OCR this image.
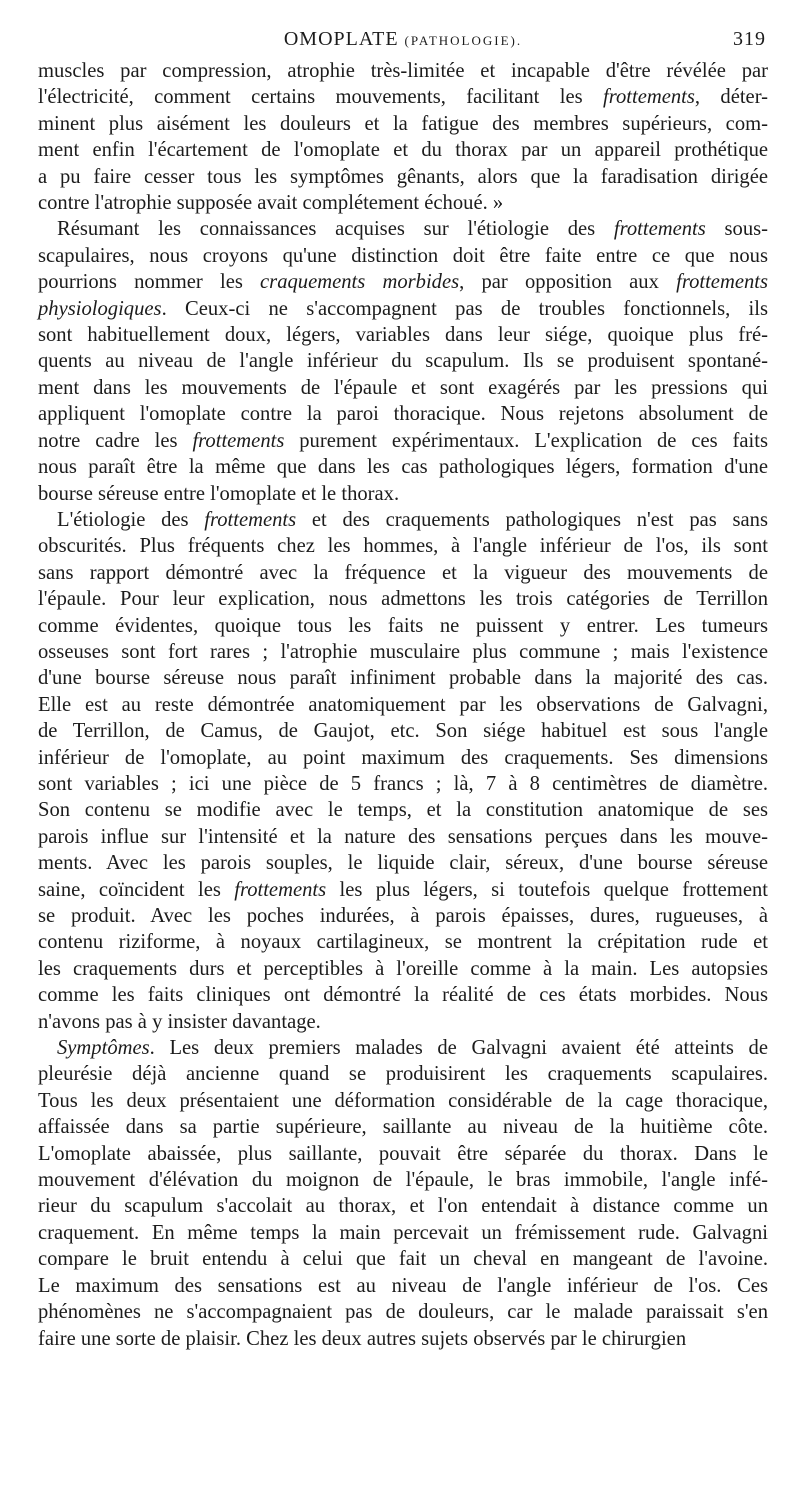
OMOPLATE (PATHOLOGIE).	319

muscles par compression, atrophie très-limitée et incapable d'être révélée par
l'électricité, comment certains mouvements, facilitant les frottements, déter-
minent plus aisément les douleurs et la fatigue des membres supérieurs, com-
ment enfin l'écartement de l'omoplate et du thorax par un appareil prothétique
a pu faire cesser tous les symptômes gênants, alors que la faradisation dirigée
contre l'atrophie supposée avait complétement échoué. »

Résumant les connaissances acquises sur l'étiologie des frottements sous-
scapulaires, nous croyons qu'une distinction doit être faite entre ce que nous
pourrions nommer les craquements morbides, par opposition aux frottements
physiologiques. Ceux-ci ne s'accompagnent pas de troubles fonctionnels, ils
sont habituellement doux, légers, variables dans leur siége, quoique plus fré-
quents au niveau de l'angle inférieur du scapulum. Ils se produisent spontané-
ment dans les mouvements de l'épaule et sont exagérés par les pressions qui
appliquent l'omoplate contre la paroi thoracique. Nous rejetons absolument de
notre cadre les frottements purement expérimentaux. L'explication de ces faits
nous paraît être la même que dans les cas pathologiques légers, formation d'une
bourse séreuse entre l'omoplate et le thorax.

L'étiologie des frottements et des craquements pathologiques n'est pas sans
obscurités. Plus fréquents chez les hommes, à l'angle inférieur de l'os, ils sont
sans rapport démontré avec la fréquence et la vigueur des mouvements de
l'épaule. Pour leur explication, nous admettons les trois catégories de Terrillon
comme évidentes, quoique tous les faits ne puissent y entrer. Les tumeurs
osseuses sont fort rares ; l'atrophie musculaire plus commune ; mais l'existence
d'une bourse séreuse nous paraît infiniment probable dans la majorité des cas.
Elle est au reste démontrée anatomiquement par les observations de Galvagni,
de Terrillon, de Camus, de Gaujot, etc. Son siége habituel est sous l'angle
inférieur de l'omoplate, au point maximum des craquements. Ses dimensions
sont variables ; ici une pièce de 5 francs ; là, 7 à 8 centimètres de diamètre.
Son contenu se modifie avec le temps, et la constitution anatomique de ses
parois influe sur l'intensité et la nature des sensations perçues dans les mouve-
ments. Avec les parois souples, le liquide clair, séreux, d'une bourse séreuse
saine, coïncident les frottements les plus légers, si toutefois quelque frottement
se produit. Avec les poches indurées, à parois épaisses, dures, rugueuses, à
contenu riziforme, à noyaux cartilagineux, se montrent la crépitation rude et
les craquements durs et perceptibles à l'oreille comme à la main. Les autopsies
comme les faits cliniques ont démontré la réalité de ces états morbides. Nous
n'avons pas à y insister davantage.

Symptômes. Les deux premiers malades de Galvagni avaient été atteints de
pleurésie déjà ancienne quand se produisirent les craquements scapulaires.
Tous les deux présentaient une déformation considérable de la cage thoracique,
affaissée dans sa partie supérieure, saillante au niveau de la huitième côte.
L'omoplate abaissée, plus saillante, pouvait être séparée du thorax. Dans le
mouvement d'élévation du moignon de l'épaule, le bras immobile, l'angle infé-
rieur du scapulum s'accolait au thorax, et l'on entendait à distance comme un
craquement. En même temps la main percevait un frémissement rude. Galvagni
compare le bruit entendu à celui que fait un cheval en mangeant de l'avoine.
Le maximum des sensations est au niveau de l'angle inférieur de l'os. Ces
phénomènes ne s'accompagnaient pas de douleurs, car le malade paraissait s'en
faire une sorte de plaisir. Chez les deux autres sujets observés par le chirurgien
